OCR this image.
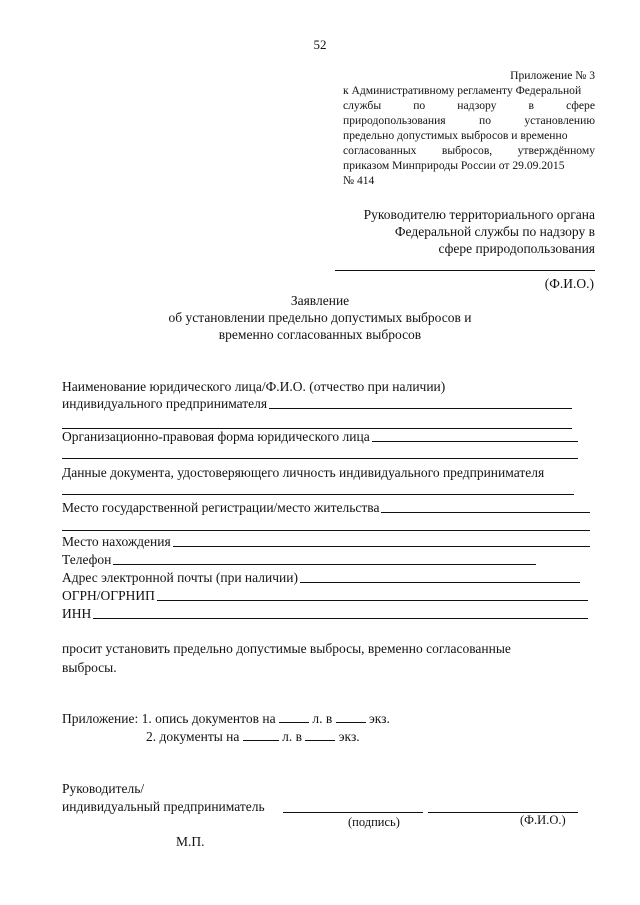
52
Приложение № 3
к Административному регламенту Федеральной
службы	по	надзору	в	сфере
природопользования	по	установлению
предельно допустимых выбросов и временно
согласованных выбросов, утверждённому
приказом Минприроды России от 29.09.2015
№ 414
Руководителю территориального органа
Федеральной службы по надзору в
сфере природопользования
(Ф.И.О.)
Заявление
об установлении предельно допустимых выбросов и
временно согласованных выбросов
Наименование юридического лица/Ф.И.О. (отчество при наличии)
индивидуального предпринимателя
Организационно-правовая форма юридического лица
Данные документа, удостоверяющего личность индивидуального предпринимателя
Место государственной регистрации/место жительства
Место нахождения
Телефон
Адрес электронной почты (при наличии)
ОГРН/ОГРНИП
ИНН
просит установить предельно допустимые выбросы, временно согласованные
выбросы.
Приложение: 1. опись документов на	л. в	экз.
2. документы на	л. в	экз.
Руководитель/
индивидуальный предприниматель
(подпись)	(Ф.И.О.)
М.П.
